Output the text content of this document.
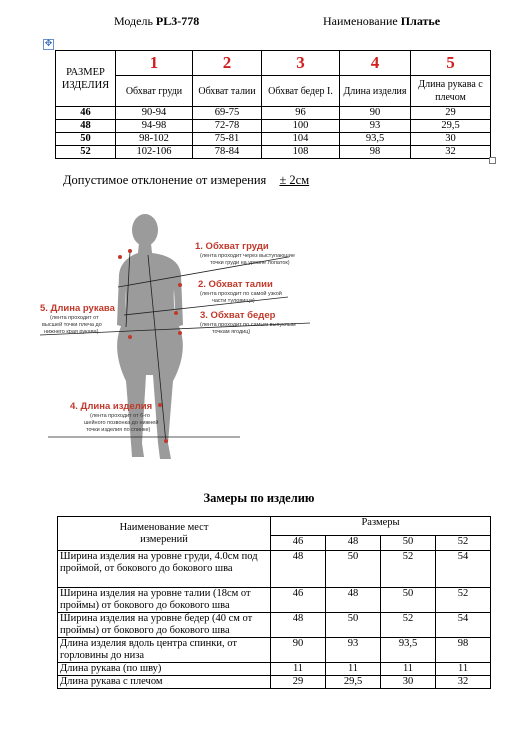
Модель PL3-778	Наименование Платье
✥
РАЗМЕР ИЗДЕЛИЯ	1	2	3	4	5
	Обхват груди	Обхват талии	Обхват бедер I.	Длина изделия	Длина рукава с плечом
46	90-94	69-75	96	90	29
48	94-98	72-78	100	93	29,5
50	98-102	75-81	104	93,5	30
52	102-106	78-84	108	98	32
Допустимое отклонение от измерения ± 2см
1. Обхват груди
(лента проходит через выступающие
точки груди на уровне лопаток)
2. Обхват талии
(лента проходит по самой узкой
части туловища)
3. Обхват бедер
(лента проходит по самым выпуклым
точкам ягодиц)
5. Длина рукава
(лента проходит от
высшей точки плеча до
нижнего края рукава)
4. Длина изделия
(лента проходит от 6-го
шейного позвонка до нижней
точки изделия по спинке)
Замеры по изделию
Наименование мест измерений	Размеры			
	46	48	50	52
Ширина изделия на уровне груди, 4.0см под проймой, от бокового до бокового шва	48	50	52	54
Ширина изделия на уровне талии (18см от проймы) от бокового до бокового шва	46	48	50	52
Ширина изделия на уровне бедер (40 см от проймы) от бокового до бокового шва	48	50	52	54
Длина изделия вдоль центра спинки, от горловины до низа	90	93	93,5	98
Длина рукава (по шву)	11	11	11	11
Длина рукава с плечом	29	29,5	30	32
